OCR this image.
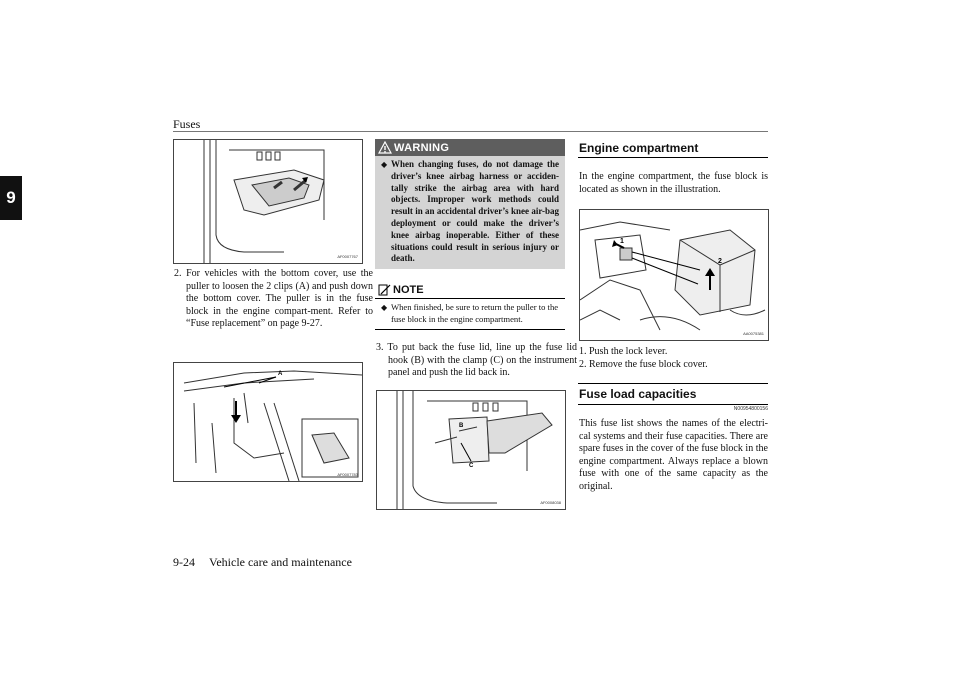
Fuses
9
AF0007767
2. For vehicles with the bottom cover, use the puller to loosen the 2 clips (A) and push down the bottom cover. The puller is in the fuse block in the engine compart-ment. Refer to “Fuse replacement” on page 9-27.
A
AF0007783
WARNING
◆ When changing fuses, do not damage the driver’s knee airbag harness or acciden-tally strike the airbag area with hard objects. Improper work methods could result in an accidental driver’s knee air-bag deployment or could make the driver’s knee airbag inoperable. Either of these situations could result in serious injury or death.
NOTE
◆ When finished, be sure to return the puller to the fuse block in the engine compartment.
3. To put back the fuse lid, line up the fuse lid hook (B) with the clamp (C) on the instrument panel and push the lid back in.
B
C
AF0008038
Engine compartment
In the engine compartment, the fuse block is located as shown in the illustration.
1
2
AA0075381
1. Push the lock lever.
2. Remove the fuse block cover.
Fuse load capacities
N00954800156
This fuse list shows the names of the electri-cal systems and their fuse capacities. There are spare fuses in the cover of the fuse block in the engine compartment. Always replace a blown fuse with one of the same capacity as the original.
9-24 Vehicle care and maintenance
